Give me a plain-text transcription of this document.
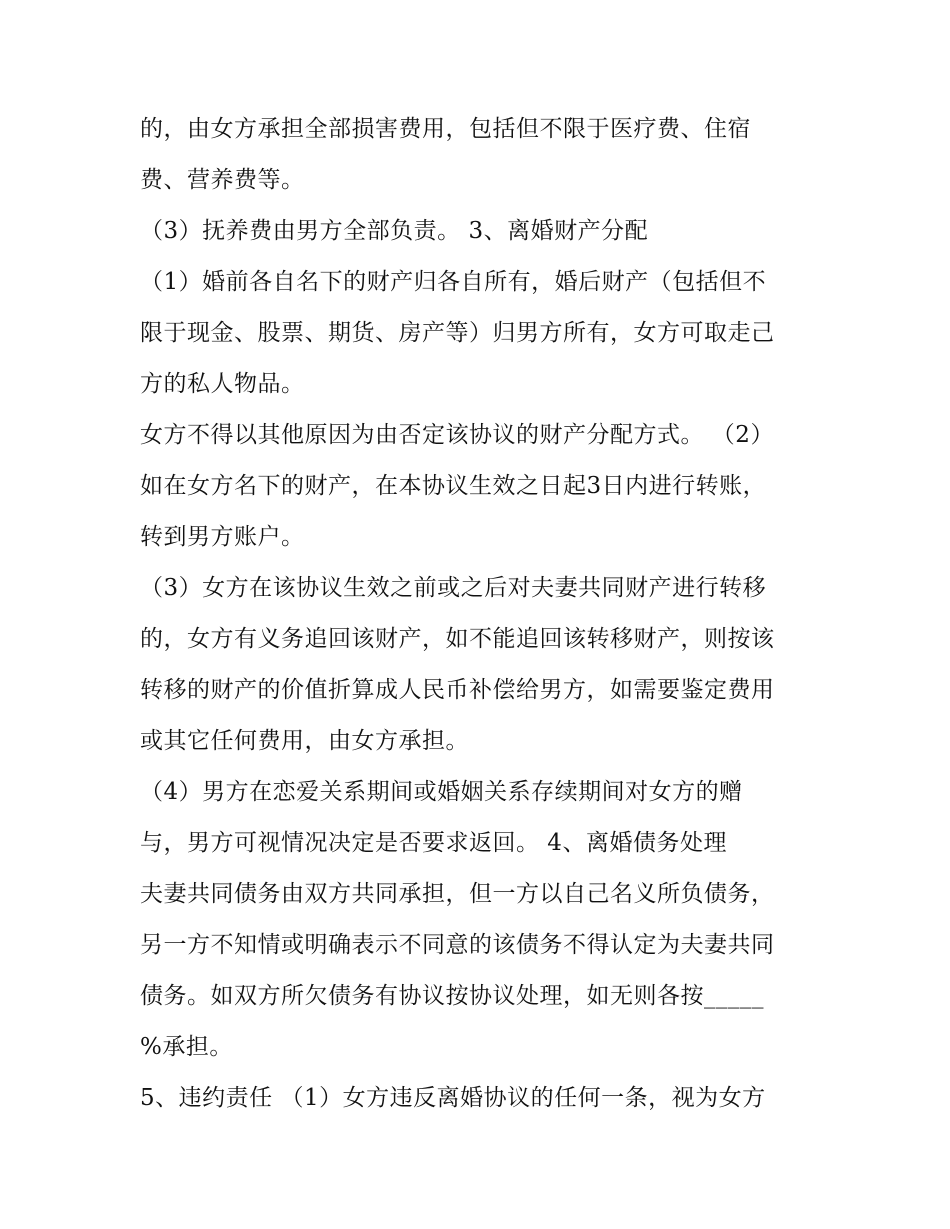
的，由女方承担全部损害费用，包括但不限于医疗费、住宿
费、营养费等。
（3）抚养费由男方全部负责。 3、离婚财产分配
（1）婚前各自名下的财产归各自所有，婚后财产（包括但不
限于现金、股票、期货、房产等）归男方所有，女方可取走己
方的私人物品。
女方不得以其他原因为由否定该协议的财产分配方式。 （2）
如在女方名下的财产，在本协议生效之日起3日内进行转账，
转到男方账户。
（3）女方在该协议生效之前或之后对夫妻共同财产进行转移
的，女方有义务追回该财产，如不能追回该转移财产，则按该
转移的财产的价值折算成人民币补偿给男方，如需要鉴定费用
或其它任何费用，由女方承担。
（4）男方在恋爱关系期间或婚姻关系存续期间对女方的赠
与，男方可视情况决定是否要求返回。 4、离婚债务处理
夫妻共同债务由双方共同承担，但一方以自己名义所负债务，
另一方不知情或明确表示不同意的该债务不得认定为夫妻共同
债务。如双方所欠债务有协议按协议处理，如无则各按_____
%承担。
5、违约责任 （1）女方违反离婚协议的任何一条，视为女方
